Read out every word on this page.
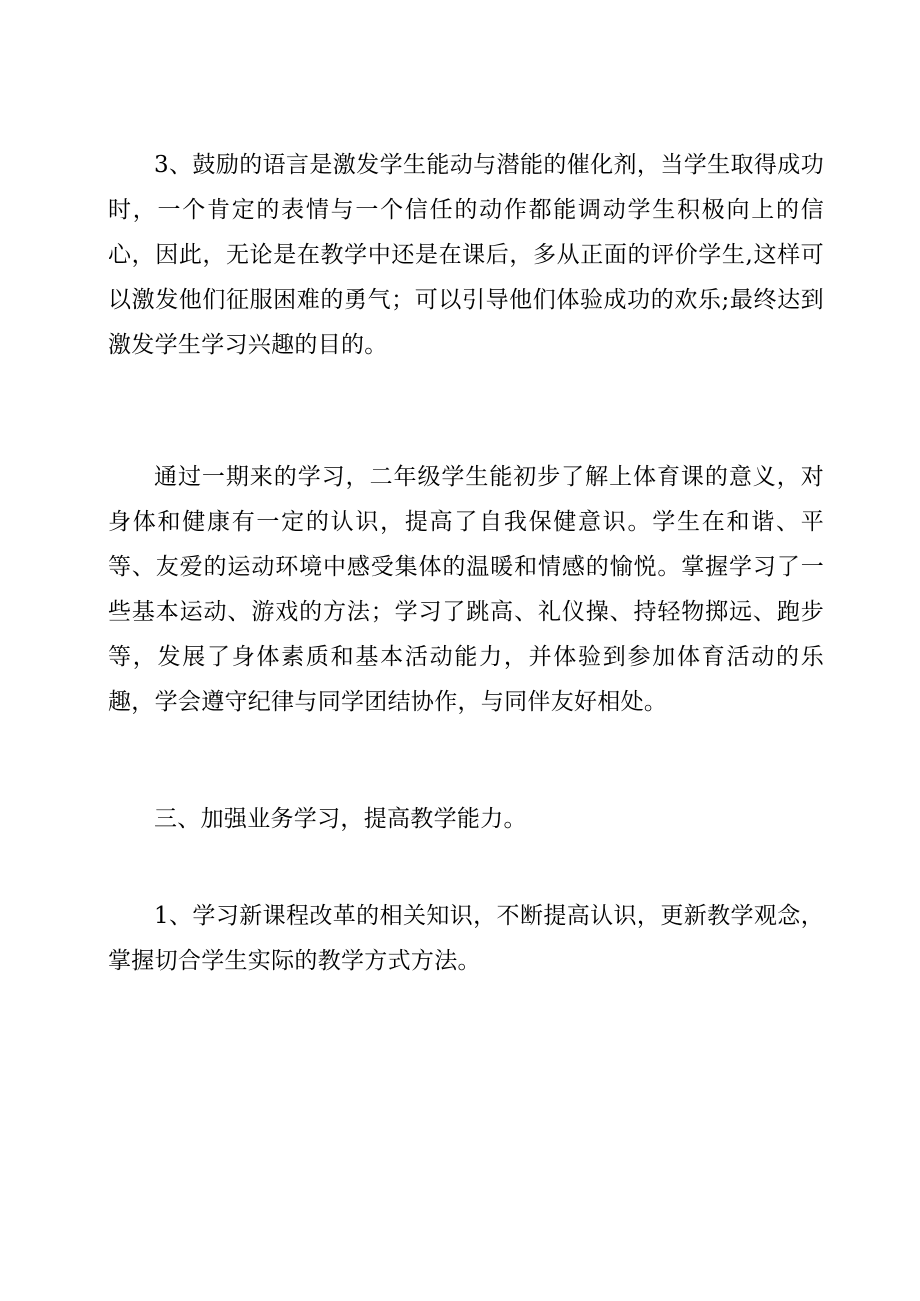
3、鼓励的语言是激发学生能动与潜能的催化剂，当学生取得成功时，一个肯定的表情与一个信任的动作都能调动学生积极向上的信心，因此，无论是在教学中还是在课后，多从正面的评价学生,这样可以激发他们征服困难的勇气；可以引导他们体验成功的欢乐;最终达到激发学生学习兴趣的目的。

通过一期来的学习，二年级学生能初步了解上体育课的意义，对身体和健康有一定的认识，提高了自我保健意识。学生在和谐、平等、友爱的运动环境中感受集体的温暖和情感的愉悦。掌握学习了一些基本运动、游戏的方法；学习了跳高、礼仪操、持轻物掷远、跑步等，发展了身体素质和基本活动能力，并体验到参加体育活动的乐趣，学会遵守纪律与同学团结协作，与同伴友好相处。

三、加强业务学习，提高教学能力。

1、学习新课程改革的相关知识，不断提高认识，更新教学观念，掌握切合学生实际的教学方式方法。
